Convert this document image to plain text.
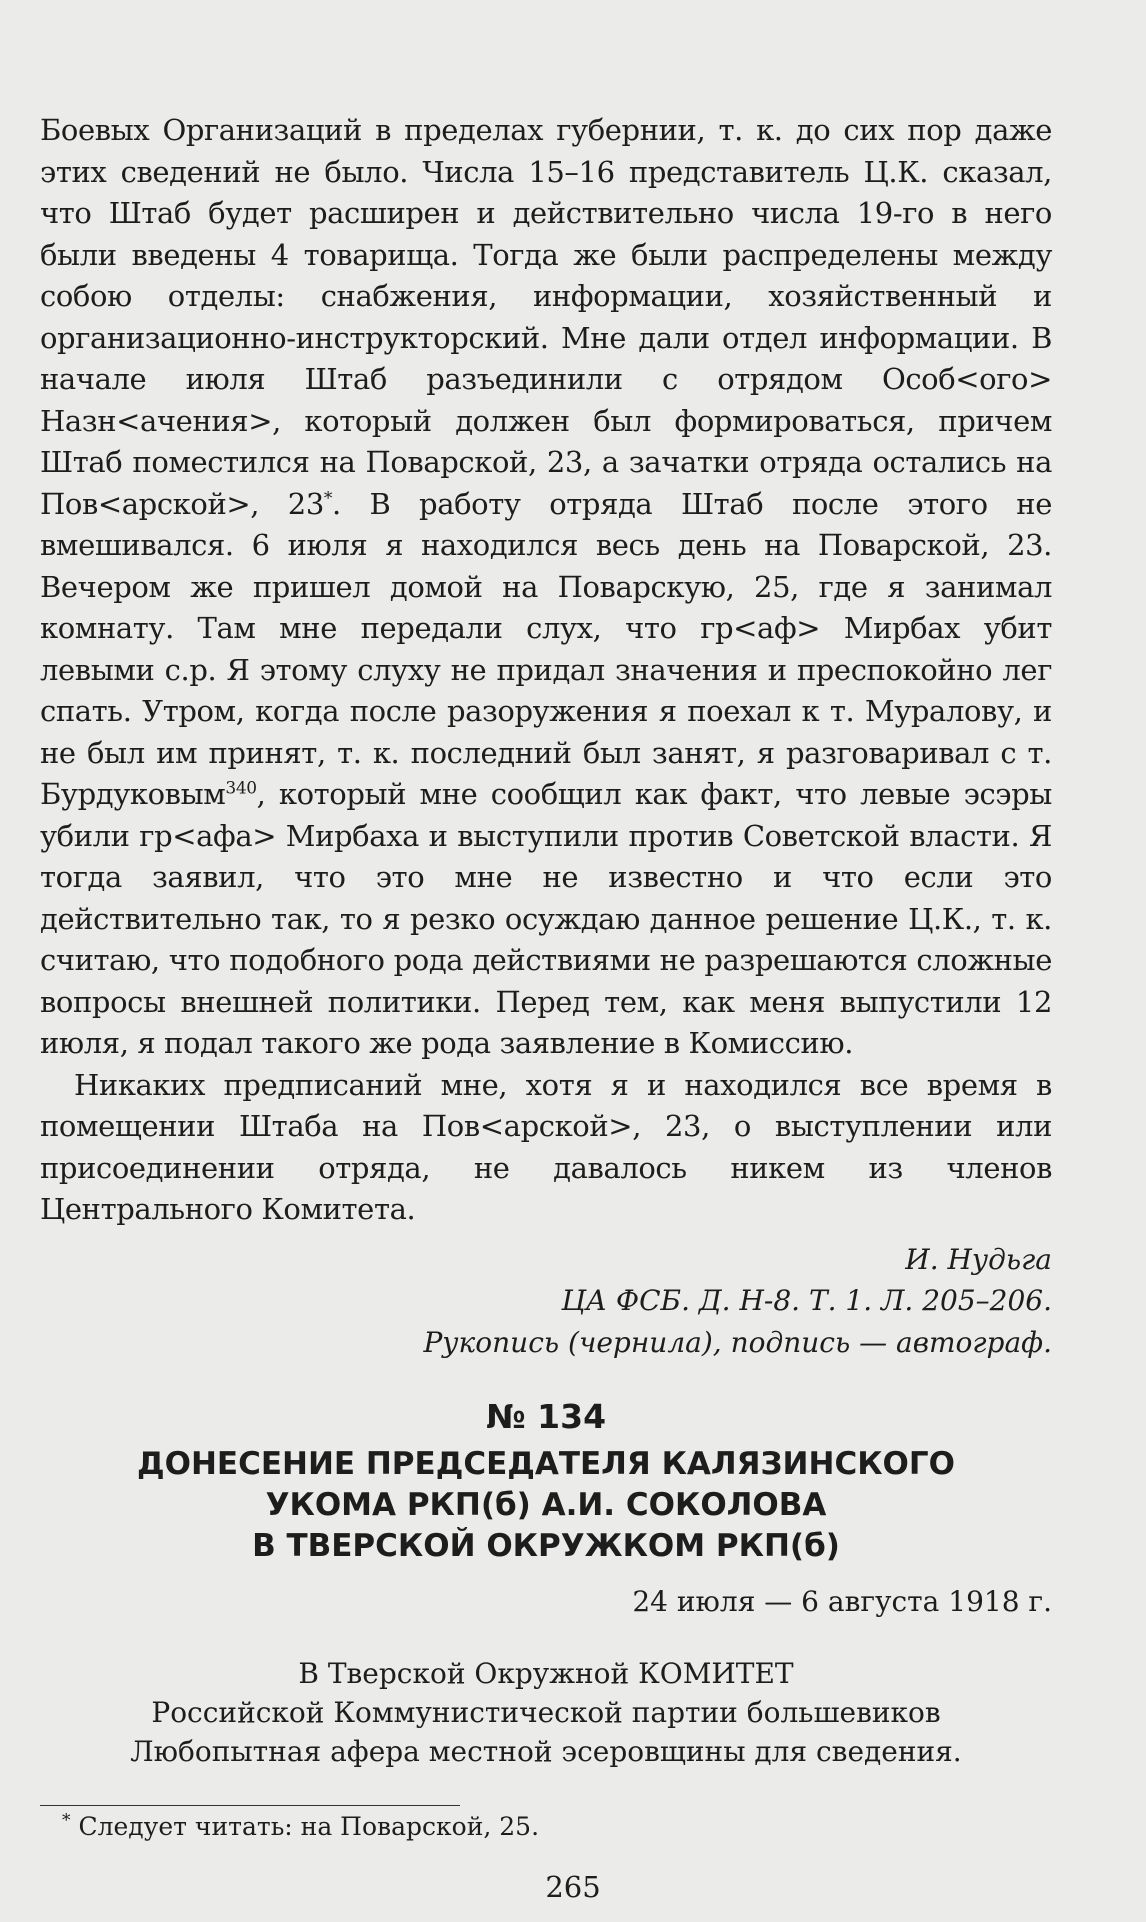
Боевых Организаций в пределах губернии, т. к. до сих пор даже этих сведений не было. Числа 15–16 представитель Ц.К. сказал, что Штаб будет расширен и действительно числа 19-го в него были введены 4 товарища. Тогда же были распределены между собою отделы: снабжения, информации, хозяйственный и организационно-инструкторский. Мне дали отдел информации. В начале июля Штаб разъединили с отрядом Особ<ого> Назн<ачения>, который должен был формироваться, причем Штаб поместился на Поварской, 23, а зачатки отряда остались на Пов<арской>, 23*. В работу отряда Штаб после этого не вмешивался. 6 июля я находился весь день на Поварской, 23. Вечером же пришел домой на Поварскую, 25, где я занимал комнату. Там мне передали слух, что гр<аф> Мирбах убит левыми с.р. Я этому слуху не придал значения и преспокойно лег спать. Утром, когда после разоружения я поехал к т. Муралову, и не был им принят, т. к. последний был занят, я разговаривал с т. Бурдуковым$^{340}$, который мне сообщил как факт, что левые эсэры убили гр<афа> Мирбаха и выступили против Советской власти. Я тогда заявил, что это мне не известно и что если это действительно так, то я резко осуждаю данное решение Ц.К., т. к. считаю, что подобного рода действиями не разрешаются сложные вопросы внешней политики. Перед тем, как меня выпустили 12 июля, я подал такого же рода заявление в Комиссию.

Никаких предписаний мне, хотя я и находился все время в помещении Штаба на Пов<арской>, 23, о выступлении или присоединении отряда, не давалось никем из членов Центрального Комитета.

И. Нудьга

ЦА ФСБ. Д. Н-8. Т. 1. Л. 205–206.

Рукопись (чернила), подпись — автограф.

№ 134

ДОНЕСЕНИЕ ПРЕДСЕДАТЕЛЯ КАЛЯЗИНСКОГО

УКОМА РКП(б) А.И. СОКОЛОВА

В ТВЕРСКОЙ ОКРУЖКОМ РКП(б)

24 июля — 6 августа 1918 г.

В Тверской Окружной КОМИТЕТ
Российской Коммунистической партии большевиков
Любопытная афера местной эсеровщины для сведения.
* Следует читать: на Поварской, 25.
265
